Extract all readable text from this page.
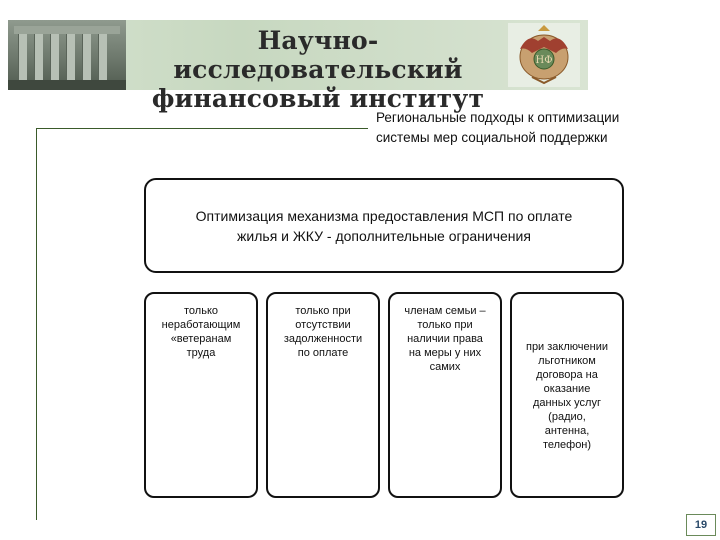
Научно-исследовательский
финансовый институт
НФ
Региональные подходы к оптимизации
системы мер социальной поддержки
Оптимизация механизма предоставления МСП по оплате
жилья и ЖКУ - дополнительные ограничения
только
неработающим
«ветеранам
труда
только при
отсутствии
задолженности
по оплате
членам семьи –
только при
наличии права
на меры у них
самих
при заключении
льготником
договора на
оказание
данных услуг
(радио,
антенна,
телефон)
19
